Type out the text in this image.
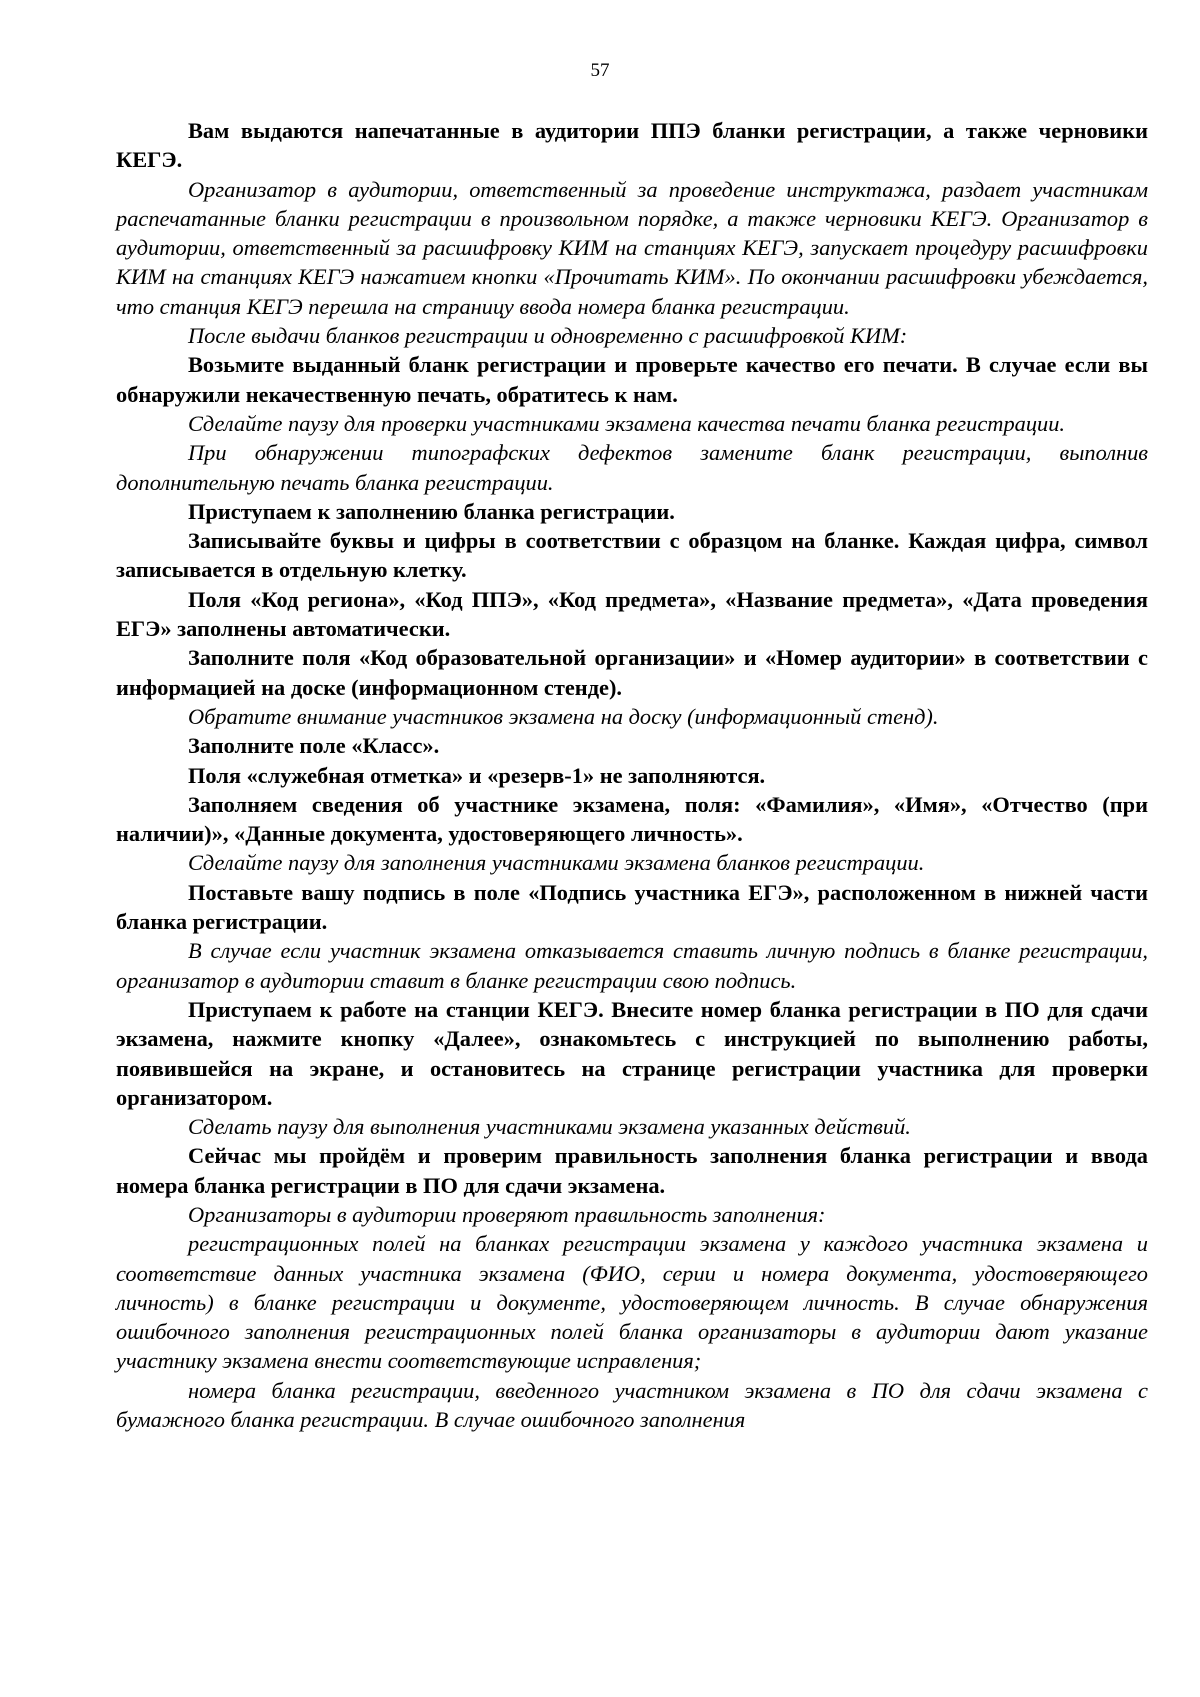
57

Вам выдаются напечатанные в аудитории ППЭ бланки регистрации, а также черновики КЕГЭ.

Организатор в аудитории, ответственный за проведение инструктажа, раздает участникам распечатанные бланки регистрации в произвольном порядке, а также черновики КЕГЭ. Организатор в аудитории, ответственный за расшифровку КИМ на станциях КЕГЭ, запускает процедуру расшифровки КИМ на станциях КЕГЭ нажатием кнопки «Прочитать КИМ». По окончании расшифровки убеждается, что станция КЕГЭ перешла на страницу ввода номера бланка регистрации.

После выдачи бланков регистрации и одновременно с расшифровкой КИМ:

Возьмите выданный бланк регистрации и проверьте качество его печати. В случае если вы обнаружили некачественную печать, обратитесь к нам.

Сделайте паузу для проверки участниками экзамена качества печати бланка регистрации.

При обнаружении типографских дефектов замените бланк регистрации, выполнив дополнительную печать бланка регистрации.

Приступаем к заполнению бланка регистрации.

Записывайте буквы и цифры в соответствии с образцом на бланке. Каждая цифра, символ записывается в отдельную клетку.

Поля «Код региона», «Код ППЭ», «Код предмета», «Название предмета», «Дата проведения ЕГЭ» заполнены автоматически.

Заполните поля «Код образовательной организации» и «Номер аудитории» в соответствии с информацией на доске (информационном стенде).

Обратите внимание участников экзамена на доску (информационный стенд).

Заполните поле «Класс».

Поля «служебная отметка» и «резерв-1» не заполняются.

Заполняем сведения об участнике экзамена, поля: «Фамилия», «Имя», «Отчество (при наличии)», «Данные документа, удостоверяющего личность».

Сделайте паузу для заполнения участниками экзамена бланков регистрации.

Поставьте вашу подпись в поле «Подпись участника ЕГЭ», расположенном в нижней части бланка регистрации.

В случае если участник экзамена отказывается ставить личную подпись в бланке регистрации, организатор в аудитории ставит в бланке регистрации свою подпись.

Приступаем к работе на станции КЕГЭ. Внесите номер бланка регистрации в ПО для сдачи экзамена, нажмите кнопку «Далее», ознакомьтесь с инструкцией по выполнению работы, появившейся на экране, и остановитесь на странице регистрации участника для проверки организатором.

Сделать паузу для выполнения участниками экзамена указанных действий.

Сейчас мы пройдём и проверим правильность заполнения бланка регистрации и ввода номера бланка регистрации в ПО для сдачи экзамена.

Организаторы в аудитории проверяют правильность заполнения:

регистрационных полей на бланках регистрации экзамена у каждого участника экзамена и соответствие данных участника экзамена (ФИО, серии и номера документа, удостоверяющего личность) в бланке регистрации и документе, удостоверяющем личность. В случае обнаружения ошибочного заполнения регистрационных полей бланка организаторы в аудитории дают указание участнику экзамена внести соответствующие исправления;

номера бланка регистрации, введенного участником экзамена в ПО для сдачи экзамена с бумажного бланка регистрации. В случае ошибочного заполнения
